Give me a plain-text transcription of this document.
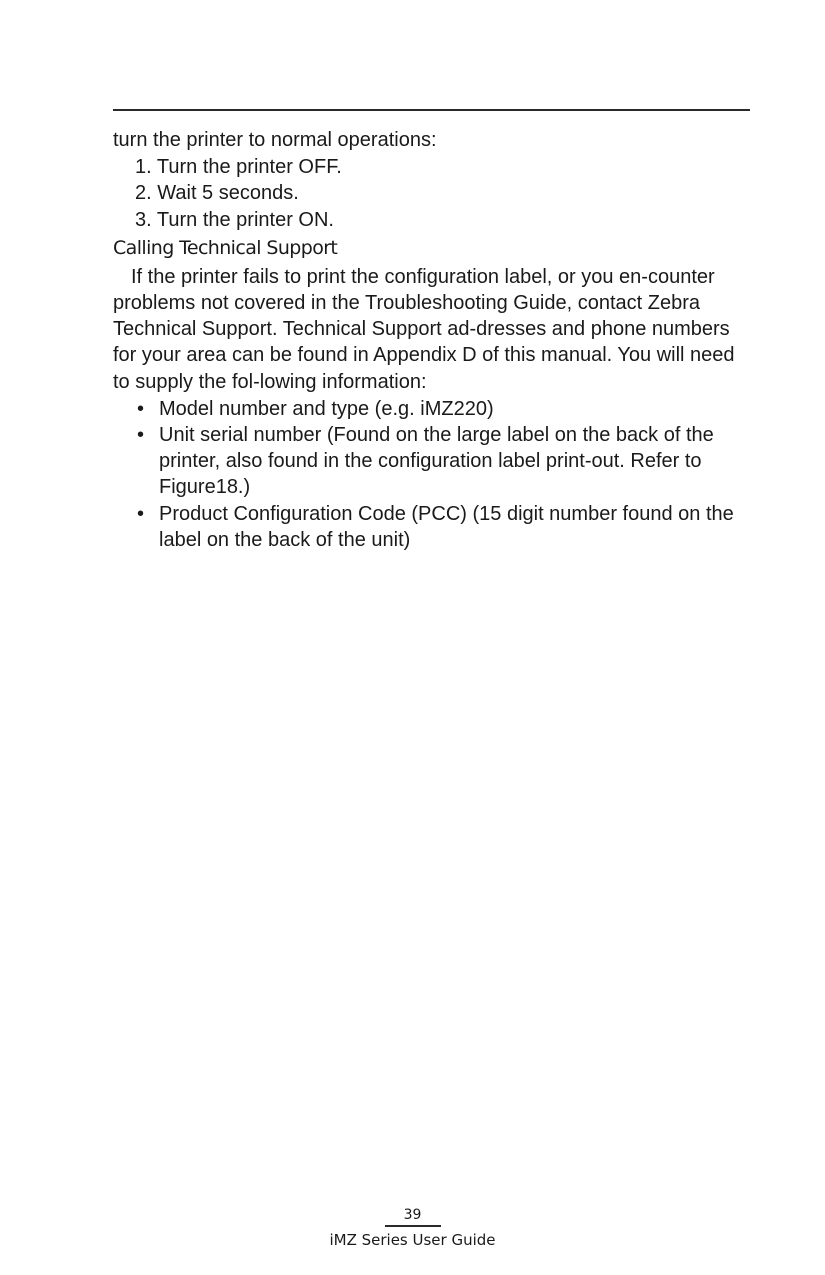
turn the printer to normal operations:

1. Turn the printer OFF.
2. Wait 5 seconds.
3. Turn the printer ON.
Calling Technical Support

If the printer fails to print the configuration label, or you en-counter problems not covered in the Troubleshooting Guide, contact Zebra Technical Support. Technical Support ad-dresses and phone numbers for your area can be found in Appendix D of this manual. You will need to supply the fol-lowing information:

• Model number and type (e.g. iMZ220)
• Unit serial number (Found on the large label on the back of the printer, also found in the configuration label print-out. Refer to Figure18.)
• Product Configuration Code (PCC) (15 digit number found on the label on the back of the unit)
39
iMZ Series User Guide
